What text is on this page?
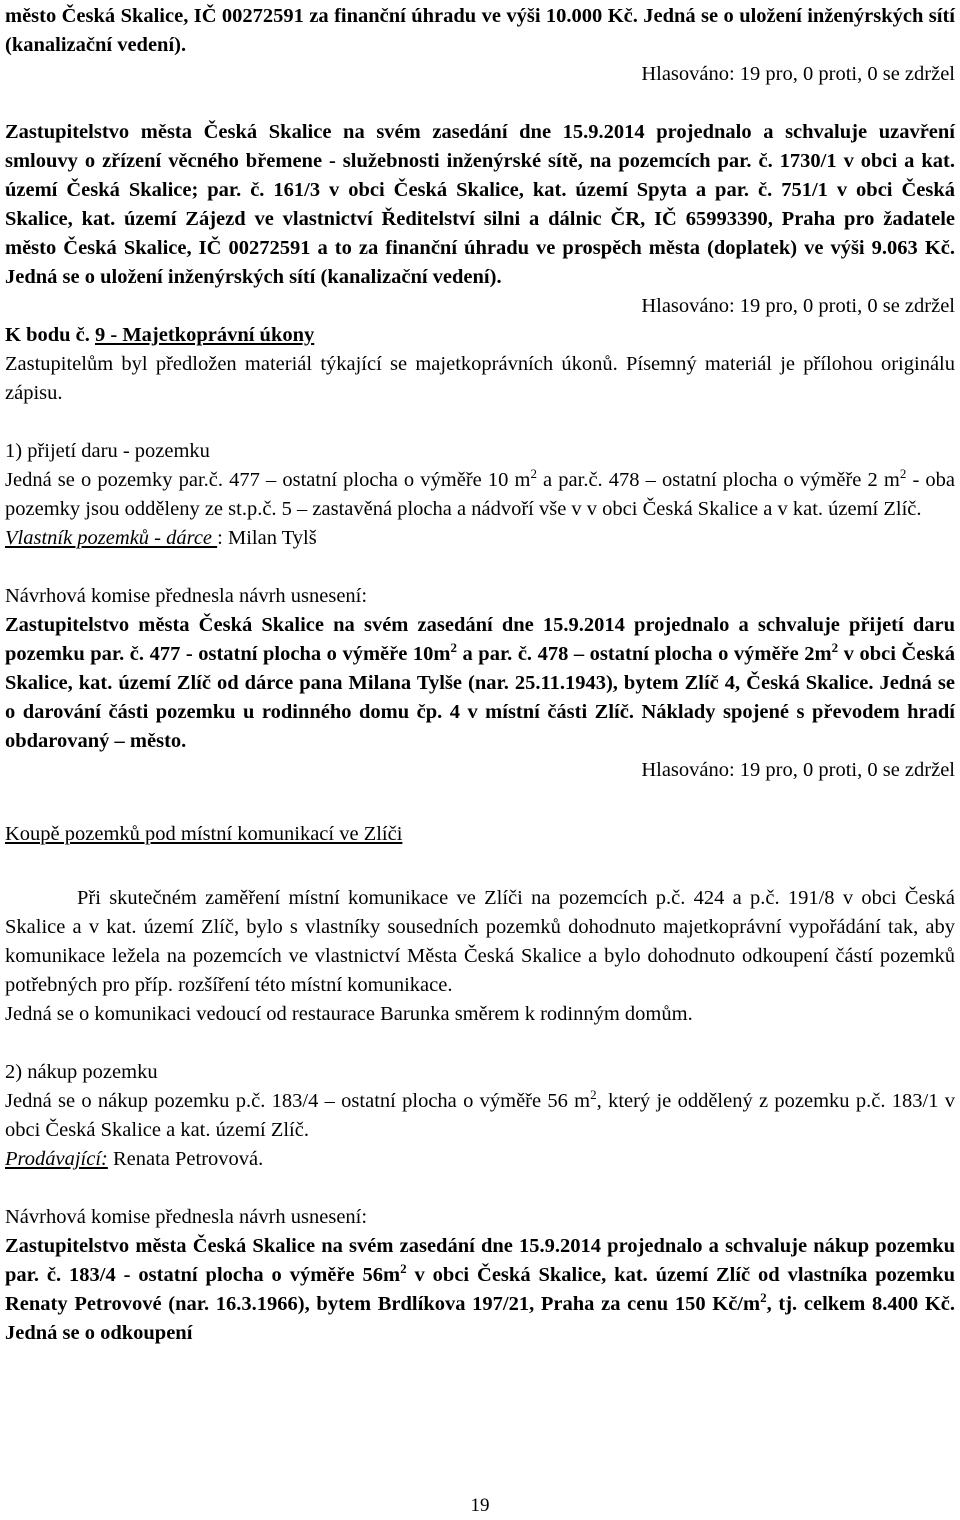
město Česká Skalice, IČ 00272591 za finanční úhradu ve výši 10.000 Kč. Jedná se o uložení inženýrských sítí (kanalizační vedení).

Hlasováno: 19 pro, 0 proti, 0 se zdržel

Zastupitelstvo města Česká Skalice na svém zasedání dne 15.9.2014 projednalo a schvaluje uzavření smlouvy o zřízení věcného břemene - služebnosti inženýrské sítě, na pozemcích par. č. 1730/1 v obci a kat. území Česká Skalice; par. č. 161/3 v obci Česká Skalice, kat. území Spyta a par. č. 751/1 v obci Česká Skalice, kat. území Zájezd ve vlastnictví Ředitelství silni a dálnic ČR, IČ 65993390, Praha pro žadatele město Česká Skalice, IČ 00272591 a to za finanční úhradu ve prospěch města (doplatek) ve výši 9.063 Kč. Jedná se o uložení inženýrských sítí (kanalizační vedení).

Hlasováno: 19 pro, 0 proti, 0 se zdržel

K bodu č. 9 - Majetkoprávní úkony

Zastupitelům byl předložen materiál týkající se majetkoprávních úkonů. Písemný materiál je přílohou originálu zápisu.

1) přijetí daru - pozemku

Jedná se o pozemky par.č. 477 – ostatní plocha o výměře 10 $m^2$ a par.č. 478 – ostatní plocha o výměře 2 $m^2$ - oba pozemky jsou odděleny ze st.p.č. 5 – zastavěná plocha a nádvoří vše v v obci Česká Skalice a v kat. území Zlíč.

Vlastník pozemků - dárce : Milan Tylš

Návrhová komise přednesla návrh usnesení:

Zastupitelstvo města Česká Skalice na svém zasedání dne 15.9.2014 projednalo a schvaluje přijetí daru pozemku par. č. 477 - ostatní plocha o výměře $10m^2$ a par. č. 478 – ostatní plocha o výměře $2m^2$ v obci Česká Skalice, kat. území Zlíč od dárce pana Milana Tylše (nar. 25.11.1943), bytem Zlíč 4, Česká Skalice. Jedná se o darování části pozemku u rodinného domu čp. 4 v místní části Zlíč. Náklady spojené s převodem hradí obdarovaný – město.

Hlasováno: 19 pro, 0 proti, 0 se zdržel

Koupě pozemků pod místní komunikací ve Zlíči

Při skutečném zaměření místní komunikace ve Zlíči na pozemcích p.č. 424 a p.č. 191/8 v obci Česká Skalice a v kat. území Zlíč, bylo s vlastníky sousedních pozemků dohodnuto majetkoprávní vypořádání tak, aby komunikace ležela na pozemcích ve vlastnictví Města Česká Skalice a bylo dohodnuto odkoupení částí pozemků potřebných pro příp. rozšíření této místní komunikace.

Jedná se o komunikaci vedoucí od restaurace Barunka směrem k rodinným domům.

2) nákup pozemku

Jedná se o nákup pozemku p.č. 183/4 – ostatní plocha o výměře 56 $m^2$, který je oddělený z pozemku p.č. 183/1 v obci Česká Skalice a kat. území Zlíč.

Prodávající: Renata Petrovová.

Návrhová komise přednesla návrh usnesení:

Zastupitelstvo města Česká Skalice na svém zasedání dne 15.9.2014 projednalo a schvaluje nákup pozemku par. č. 183/4 - ostatní plocha o výměře $56m^2$ v obci Česká Skalice, kat. území Zlíč od vlastníka pozemku Renaty Petrovové (nar. 16.3.1966), bytem Brdlíkova 197/21, Praha za cenu 150 $Kč/m^2$, tj. celkem 8.400 Kč. Jedná se o odkoupení

19
